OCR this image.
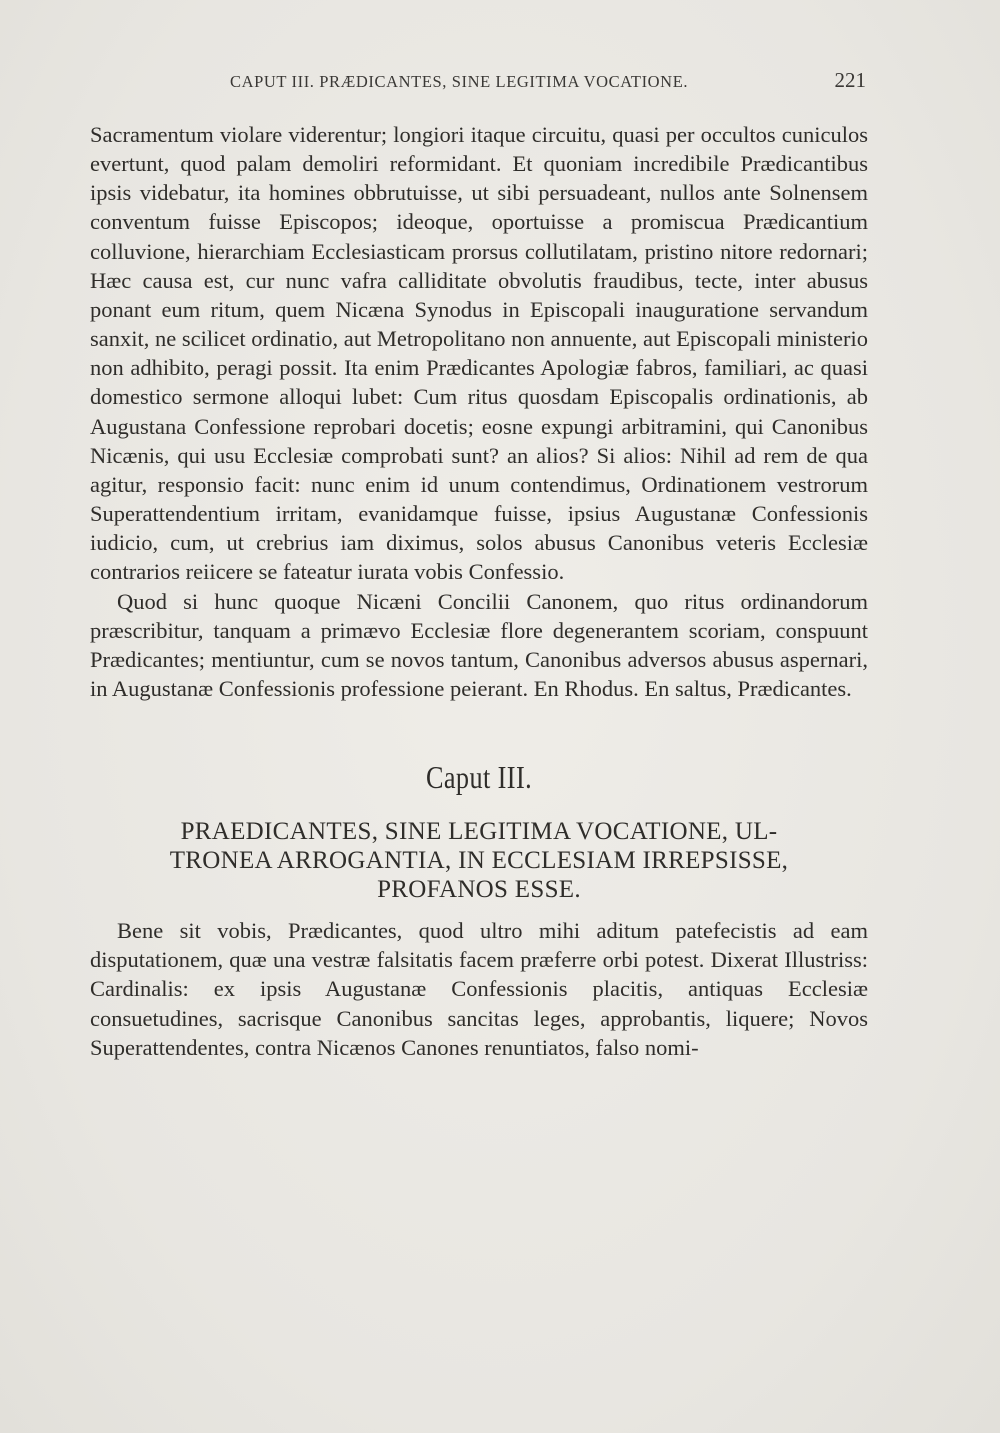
CAPUT III. PRÆDICANTES, SINE LEGITIMA VOCATIONE.	221

Sacramentum violare viderentur; longiori itaque circuitu, quasi per occultos cuniculos evertunt, quod palam demoliri reformidant. Et quoniam incredibile Prædicantibus ipsis videbatur, ita homines obbrutuisse, ut sibi persuadeant, nullos ante Solnensem conventum fuisse Episcopos; ideoque, oportuisse a promiscua Prædicantium colluvione, hierarchiam Ecclesiasticam prorsus collutilatam, pristino nitore redornari; Hæc causa est, cur nunc vafra calliditate obvolutis fraudibus, tecte, inter abusus ponant eum ritum, quem Nicæna Synodus in Episcopali inauguratione servandum sanxit, ne scilicet ordinatio, aut Metropolitano non annuente, aut Episcopali ministerio non adhibito, peragi possit. Ita enim Prædicantes Apologiæ fabros, familiari, ac quasi domestico sermone alloqui lubet: Cum ritus quosdam Episcopalis ordinationis, ab Augustana Confessione reprobari docetis; eosne expungi arbitramini, qui Canonibus Nicænis, qui usu Ecclesiæ comprobati sunt? an alios? Si alios: Nihil ad rem de qua agitur, responsio facit: nunc enim id unum contendimus, Ordinationem vestrorum Superattendentium irritam, evanidamque fuisse, ipsius Augustanæ Confessionis iudicio, cum, ut crebrius iam diximus, solos abusus Canonibus veteris Ecclesiæ contrarios reiicere se fateatur iurata vobis Confessio.

Quod si hunc quoque Nicæni Concilii Canonem, quo ritus ordinandorum præscribitur, tanquam a primævo Ecclesiæ flore degenerantem scoriam, conspuunt Prædicantes; mentiuntur, cum se novos tantum, Canonibus adversos abusus aspernari, in Augustanæ Confessionis professione peierant. En Rhodus. En saltus, Prædicantes.

Caput III.
PRAEDICANTES, SINE LEGITIMA VOCATIONE, UL-
TRONEA ARROGANTIA, IN ECCLESIAM IRREPSISSE,
PROFANOS ESSE.

Bene sit vobis, Prædicantes, quod ultro mihi aditum patefecistis ad eam disputationem, quæ una vestræ falsitatis facem præferre orbi potest. Dixerat Illustriss: Cardinalis: ex ipsis Augustanæ Confessionis placitis, antiquas Ecclesiæ consuetudines, sacrisque Canonibus sancitas leges, approbantis, liquere; Novos Superattendentes, contra Nicænos Canones renuntiatos, falso nomi-
